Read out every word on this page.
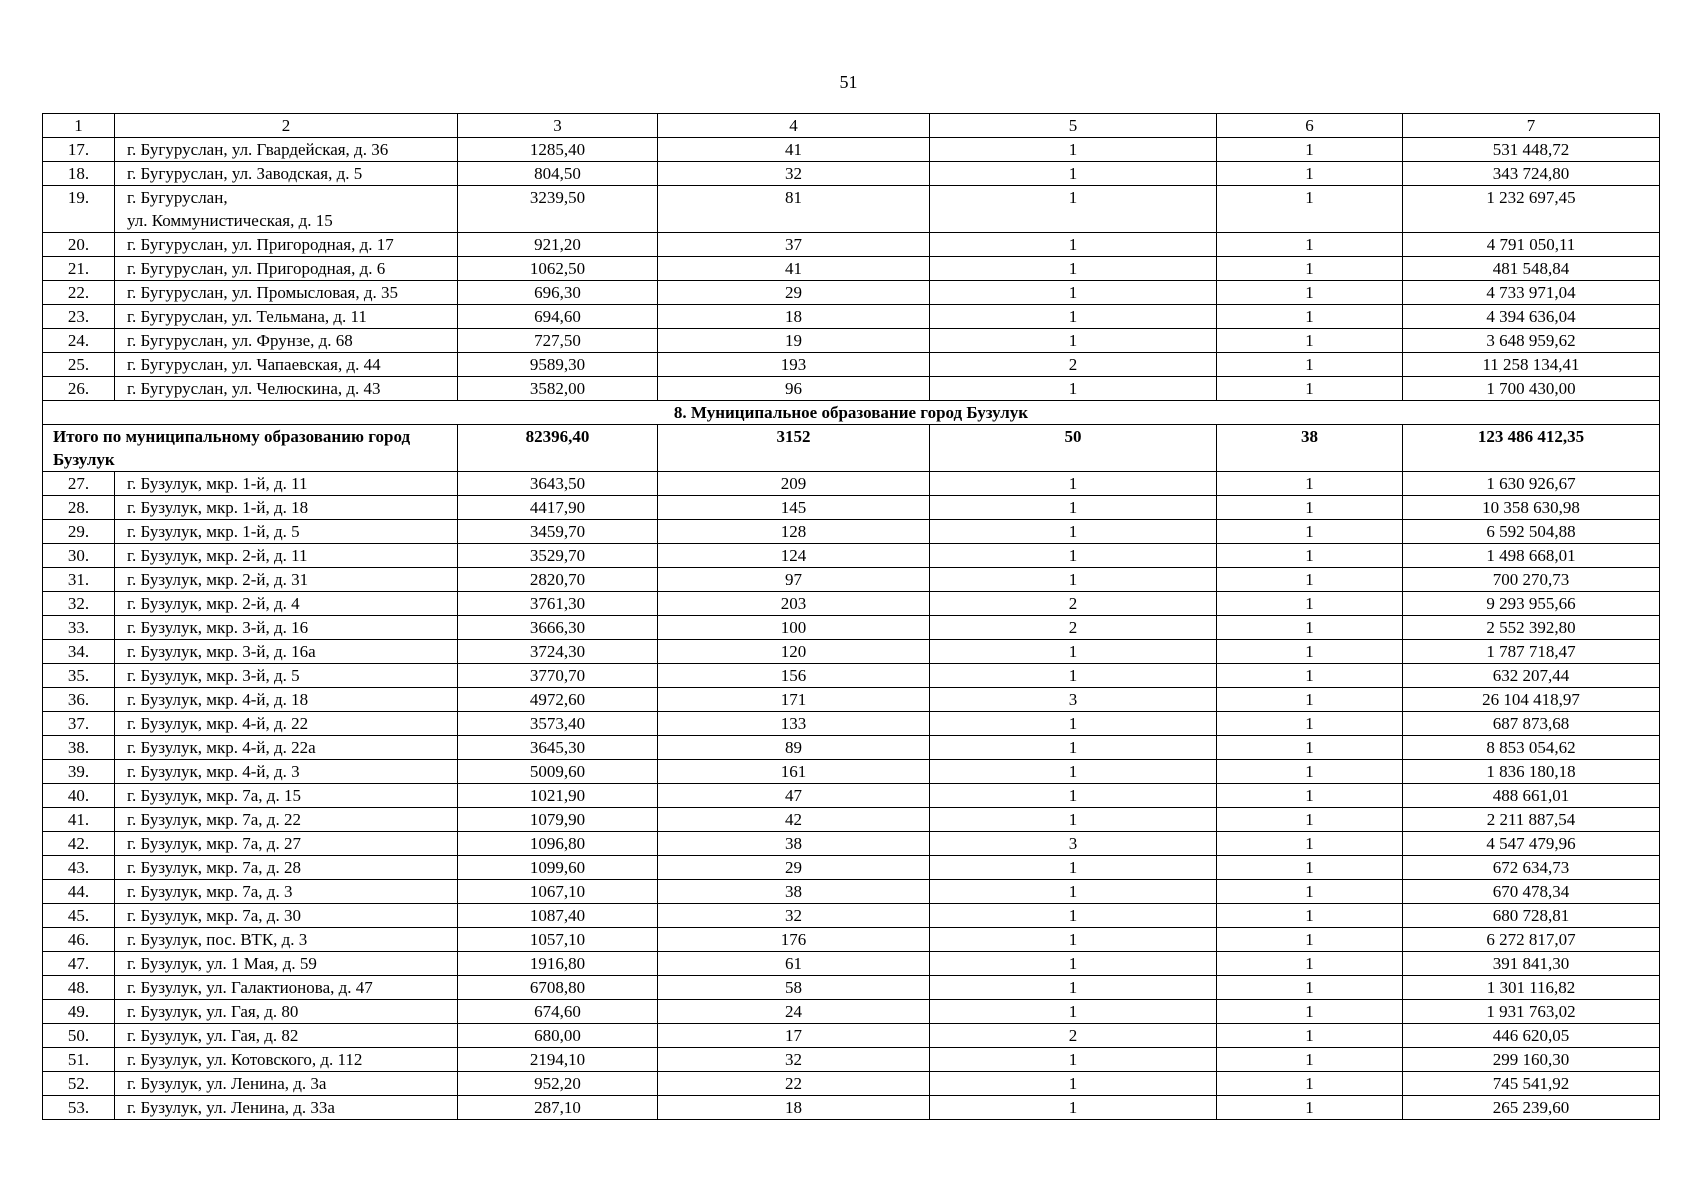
51
1	2	3	4	5	6	7
17.	г. Бугуруслан, ул. Гвардейская, д. 36	1285,40	41	1	1	531 448,72
18.	г. Бугуруслан, ул. Заводская, д. 5	804,50	32	1	1	343 724,80
19.	г. Бугуруслан,
ул. Коммунистическая, д. 15	3239,50	81	1	1	1 232 697,45
20.	г. Бугуруслан, ул. Пригородная, д. 17	921,20	37	1	1	4 791 050,11
21.	г. Бугуруслан, ул. Пригородная, д. 6	1062,50	41	1	1	481 548,84
22.	г. Бугуруслан, ул. Промысловая, д. 35	696,30	29	1	1	4 733 971,04
23.	г. Бугуруслан, ул. Тельмана, д. 11	694,60	18	1	1	4 394 636,04
24.	г. Бугуруслан, ул. Фрунзе, д. 68	727,50	19	1	1	3 648 959,62
25.	г. Бугуруслан, ул. Чапаевская, д. 44	9589,30	193	2	1	11 258 134,41
26.	г. Бугуруслан, ул. Челюскина, д. 43	3582,00	96	1	1	1 700 430,00
8. Муниципальное образование город Бузулук						
Итого по муниципальному образованию город Бузулук		82396,40	3152	50	38	123 486 412,35
27.	г. Бузулук, мкр. 1-й, д. 11	3643,50	209	1	1	1 630 926,67
28.	г. Бузулук, мкр. 1-й, д. 18	4417,90	145	1	1	10 358 630,98
29.	г. Бузулук, мкр. 1-й, д. 5	3459,70	128	1	1	6 592 504,88
30.	г. Бузулук, мкр. 2-й, д. 11	3529,70	124	1	1	1 498 668,01
31.	г. Бузулук, мкр. 2-й, д. 31	2820,70	97	1	1	700 270,73
32.	г. Бузулук, мкр. 2-й, д. 4	3761,30	203	2	1	9 293 955,66
33.	г. Бузулук, мкр. 3-й, д. 16	3666,30	100	2	1	2 552 392,80
34.	г. Бузулук, мкр. 3-й, д. 16а	3724,30	120	1	1	1 787 718,47
35.	г. Бузулук, мкр. 3-й, д. 5	3770,70	156	1	1	632 207,44
36.	г. Бузулук, мкр. 4-й, д. 18	4972,60	171	3	1	26 104 418,97
37.	г. Бузулук, мкр. 4-й, д. 22	3573,40	133	1	1	687 873,68
38.	г. Бузулук, мкр. 4-й, д. 22а	3645,30	89	1	1	8 853 054,62
39.	г. Бузулук, мкр. 4-й, д. 3	5009,60	161	1	1	1 836 180,18
40.	г. Бузулук, мкр. 7а, д. 15	1021,90	47	1	1	488 661,01
41.	г. Бузулук, мкр. 7а, д. 22	1079,90	42	1	1	2 211 887,54
42.	г. Бузулук, мкр. 7а, д. 27	1096,80	38	3	1	4 547 479,96
43.	г. Бузулук, мкр. 7а, д. 28	1099,60	29	1	1	672 634,73
44.	г. Бузулук, мкр. 7а, д. 3	1067,10	38	1	1	670 478,34
45.	г. Бузулук, мкр. 7а, д. 30	1087,40	32	1	1	680 728,81
46.	г. Бузулук, пос. ВТК, д. 3	1057,10	176	1	1	6 272 817,07
47.	г. Бузулук, ул. 1 Мая, д. 59	1916,80	61	1	1	391 841,30
48.	г. Бузулук, ул. Галактионова, д. 47	6708,80	58	1	1	1 301 116,82
49.	г. Бузулук, ул. Гая, д. 80	674,60	24	1	1	1 931 763,02
50.	г. Бузулук, ул. Гая, д. 82	680,00	17	2	1	446 620,05
51.	г. Бузулук, ул. Котовского, д. 112	2194,10	32	1	1	299 160,30
52.	г. Бузулук, ул. Ленина, д. 3а	952,20	22	1	1	745 541,92
53.	г. Бузулук, ул. Ленина, д. 33а	287,10	18	1	1	265 239,60
